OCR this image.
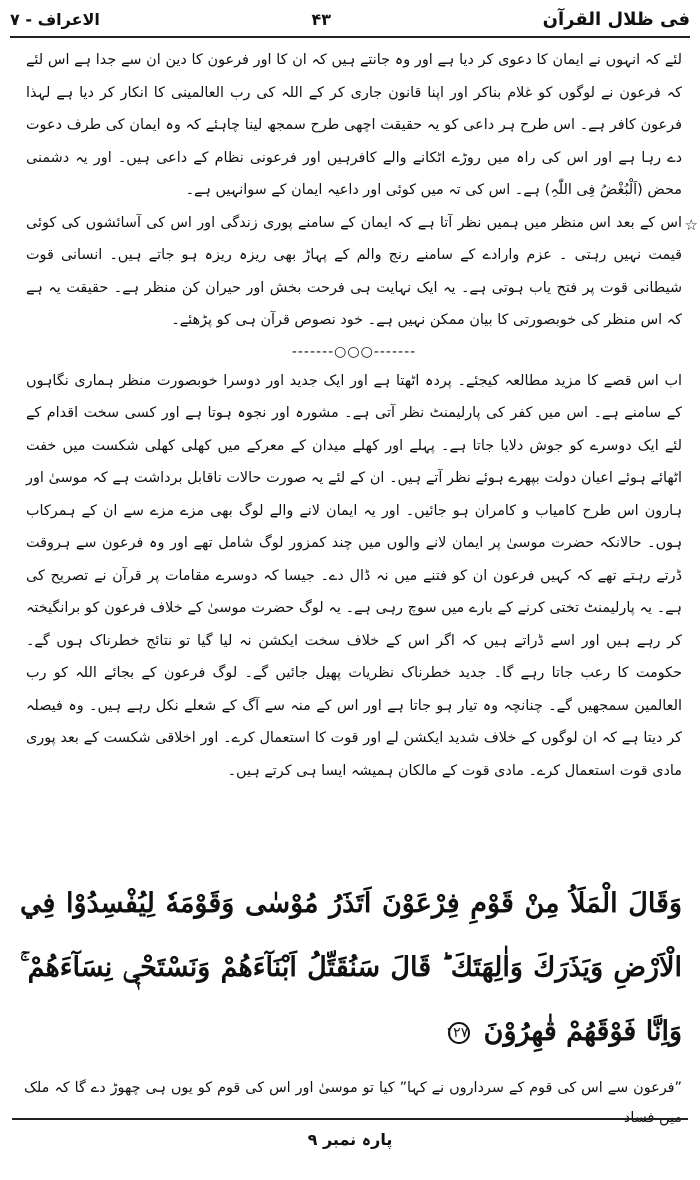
فی ظلال القرآن
۴۳
الاعراف - ۷

لئے کہ انہوں نے ایمان کا دعوی کر دیا ہے اور وہ جانتے ہیں کہ ان کا اور فرعون کا دین ان سے جدا ہے اس لئے کہ فرعون نے لوگوں کو غلام بناکر اور اپنا قانون جاری کر کے اللہ کی رب العالمینی کا انکار کر دیا ہے لہذا فرعون کافر ہے۔ اس طرح ہر داعی کو یہ حقیقت اچھی طرح سمجھ لینا چاہئے کہ وہ ایمان کی طرف دعوت دے رہا ہے اور اس کی راہ میں روڑے اٹکانے والے کافرہیں اور فرعونی نظام کے داعی ہیں۔ اور یہ دشمنی محض (اَلْبُغْضُ فِی اللّٰہِ) ہے۔ اس کی تہ میں کوئی اور داعیہ ایمان کے سوانہیں ہے۔

☆

اس کے بعد اس منظر میں ہمیں نظر آتا ہے کہ ایمان کے سامنے پوری زندگی اور اس کی آسائشوں کی کوئی قیمت نہیں رہتی ۔ عزم وارادے کے سامنے رنج والم کے پہاڑ بھی ریزہ ریزہ ہو جاتے ہیں۔ انسانی قوت شیطانی قوت پر فتح یاب ہوتی ہے۔ یہ ایک نہایت ہی فرحت بخش اور حیران کن منظر ہے۔ حقیقت یہ ہے کہ اس منظر کی خوبصورتی کا بیان ممکن نہیں ہے۔ خود نصوص قرآن ہی کو پڑھئے۔

-------○○○-------

اب اس قصے کا مزید مطالعہ کیجئے۔ پردہ اٹھتا ہے اور ایک جدید اور دوسرا خوبصورت منظر ہماری نگاہوں کے سامنے ہے۔ اس میں کفر کی پارلیمنٹ نظر آتی ہے۔ مشورہ اور نجوہ ہوتا ہے اور کسی سخت اقدام کے لئے ایک دوسرے کو جوش دلایا جاتا ہے۔ پہلے اور کھلے میدان کے معرکے میں کھلی کھلی شکست میں خفت اٹھائے ہوئے اعیان دولت بپھرے ہوئے نظر آتے ہیں۔ ان کے لئے یہ صورت حالات ناقابل برداشت ہے کہ موسیٰ اور ہارون اس طرح کامیاب و کامران ہو جائیں۔ اور یہ ایمان لانے والے لوگ بھی مزے مزے سے ان کے ہمرکاب ہوں۔ حالانکہ حضرت موسیٰ پر ایمان لانے والوں میں چند کمزور لوگ شامل تھے اور وہ فرعون سے ہروقت ڈرتے رہتے تھے کہ کہیں فرعون ان کو فتنے میں نہ ڈال دے۔ جیسا کہ دوسرے مقامات پر قرآن نے تصریح کی ہے۔ یہ پارلیمنٹ تختی کرنے کے بارے میں سوچ رہی ہے۔ یہ لوگ حضرت موسیٰ کے خلاف فرعون کو برانگیختہ کر رہے ہیں اور اسے ڈراتے ہیں کہ اگر اس کے خلاف سخت ایکشن نہ لیا گیا تو نتائج خطرناک ہوں گے۔ حکومت کا رعب جاتا رہے گا۔ جدید خطرناک نظریات پھیل جائیں گے۔ لوگ فرعون کے بجائے اللہ کو رب العالمین سمجھیں گے۔ چنانچہ وہ تیار ہو جاتا ہے اور اس کے منہ سے آگ کے شعلے نکل رہے ہیں۔ وہ فیصلہ کر دیتا ہے کہ ان لوگوں کے خلاف شدید ایکشن لے اور قوت کا استعمال کرے۔ اور اخلاقی شکست کے بعد پوری مادی قوت استعمال کرے۔ مادی قوت کے مالکان ہمیشہ ایسا ہی کرتے ہیں۔

وَقَالَ الْمَلَاُ مِنْ قَوْمِ فِرْعَوْنَ اَتَذَرُ مُوْسٰی وَقَوْمَهٗ لِيُفْسِدُوْا فِي الْاَرْضِ وَيَذَرَكَ وَاٰلِهَتَكَ ؕ قَالَ سَنُقَتِّلُ اَبْنَآءَهُمْ وَنَسْتَحْيٖ نِسَآءَهُمْ ۚ وَاِنَّا فَوْقَهُمْ قٰهِرُوْنَ ۱۲۷
”فرعون سے اس کی قوم کے سرداروں نے کہا” کیا تو موسیٰ اور اس کی قوم کو یوں ہی چھوڑ دے گا کہ ملک میں فساد
پارہ نمبر ۹
